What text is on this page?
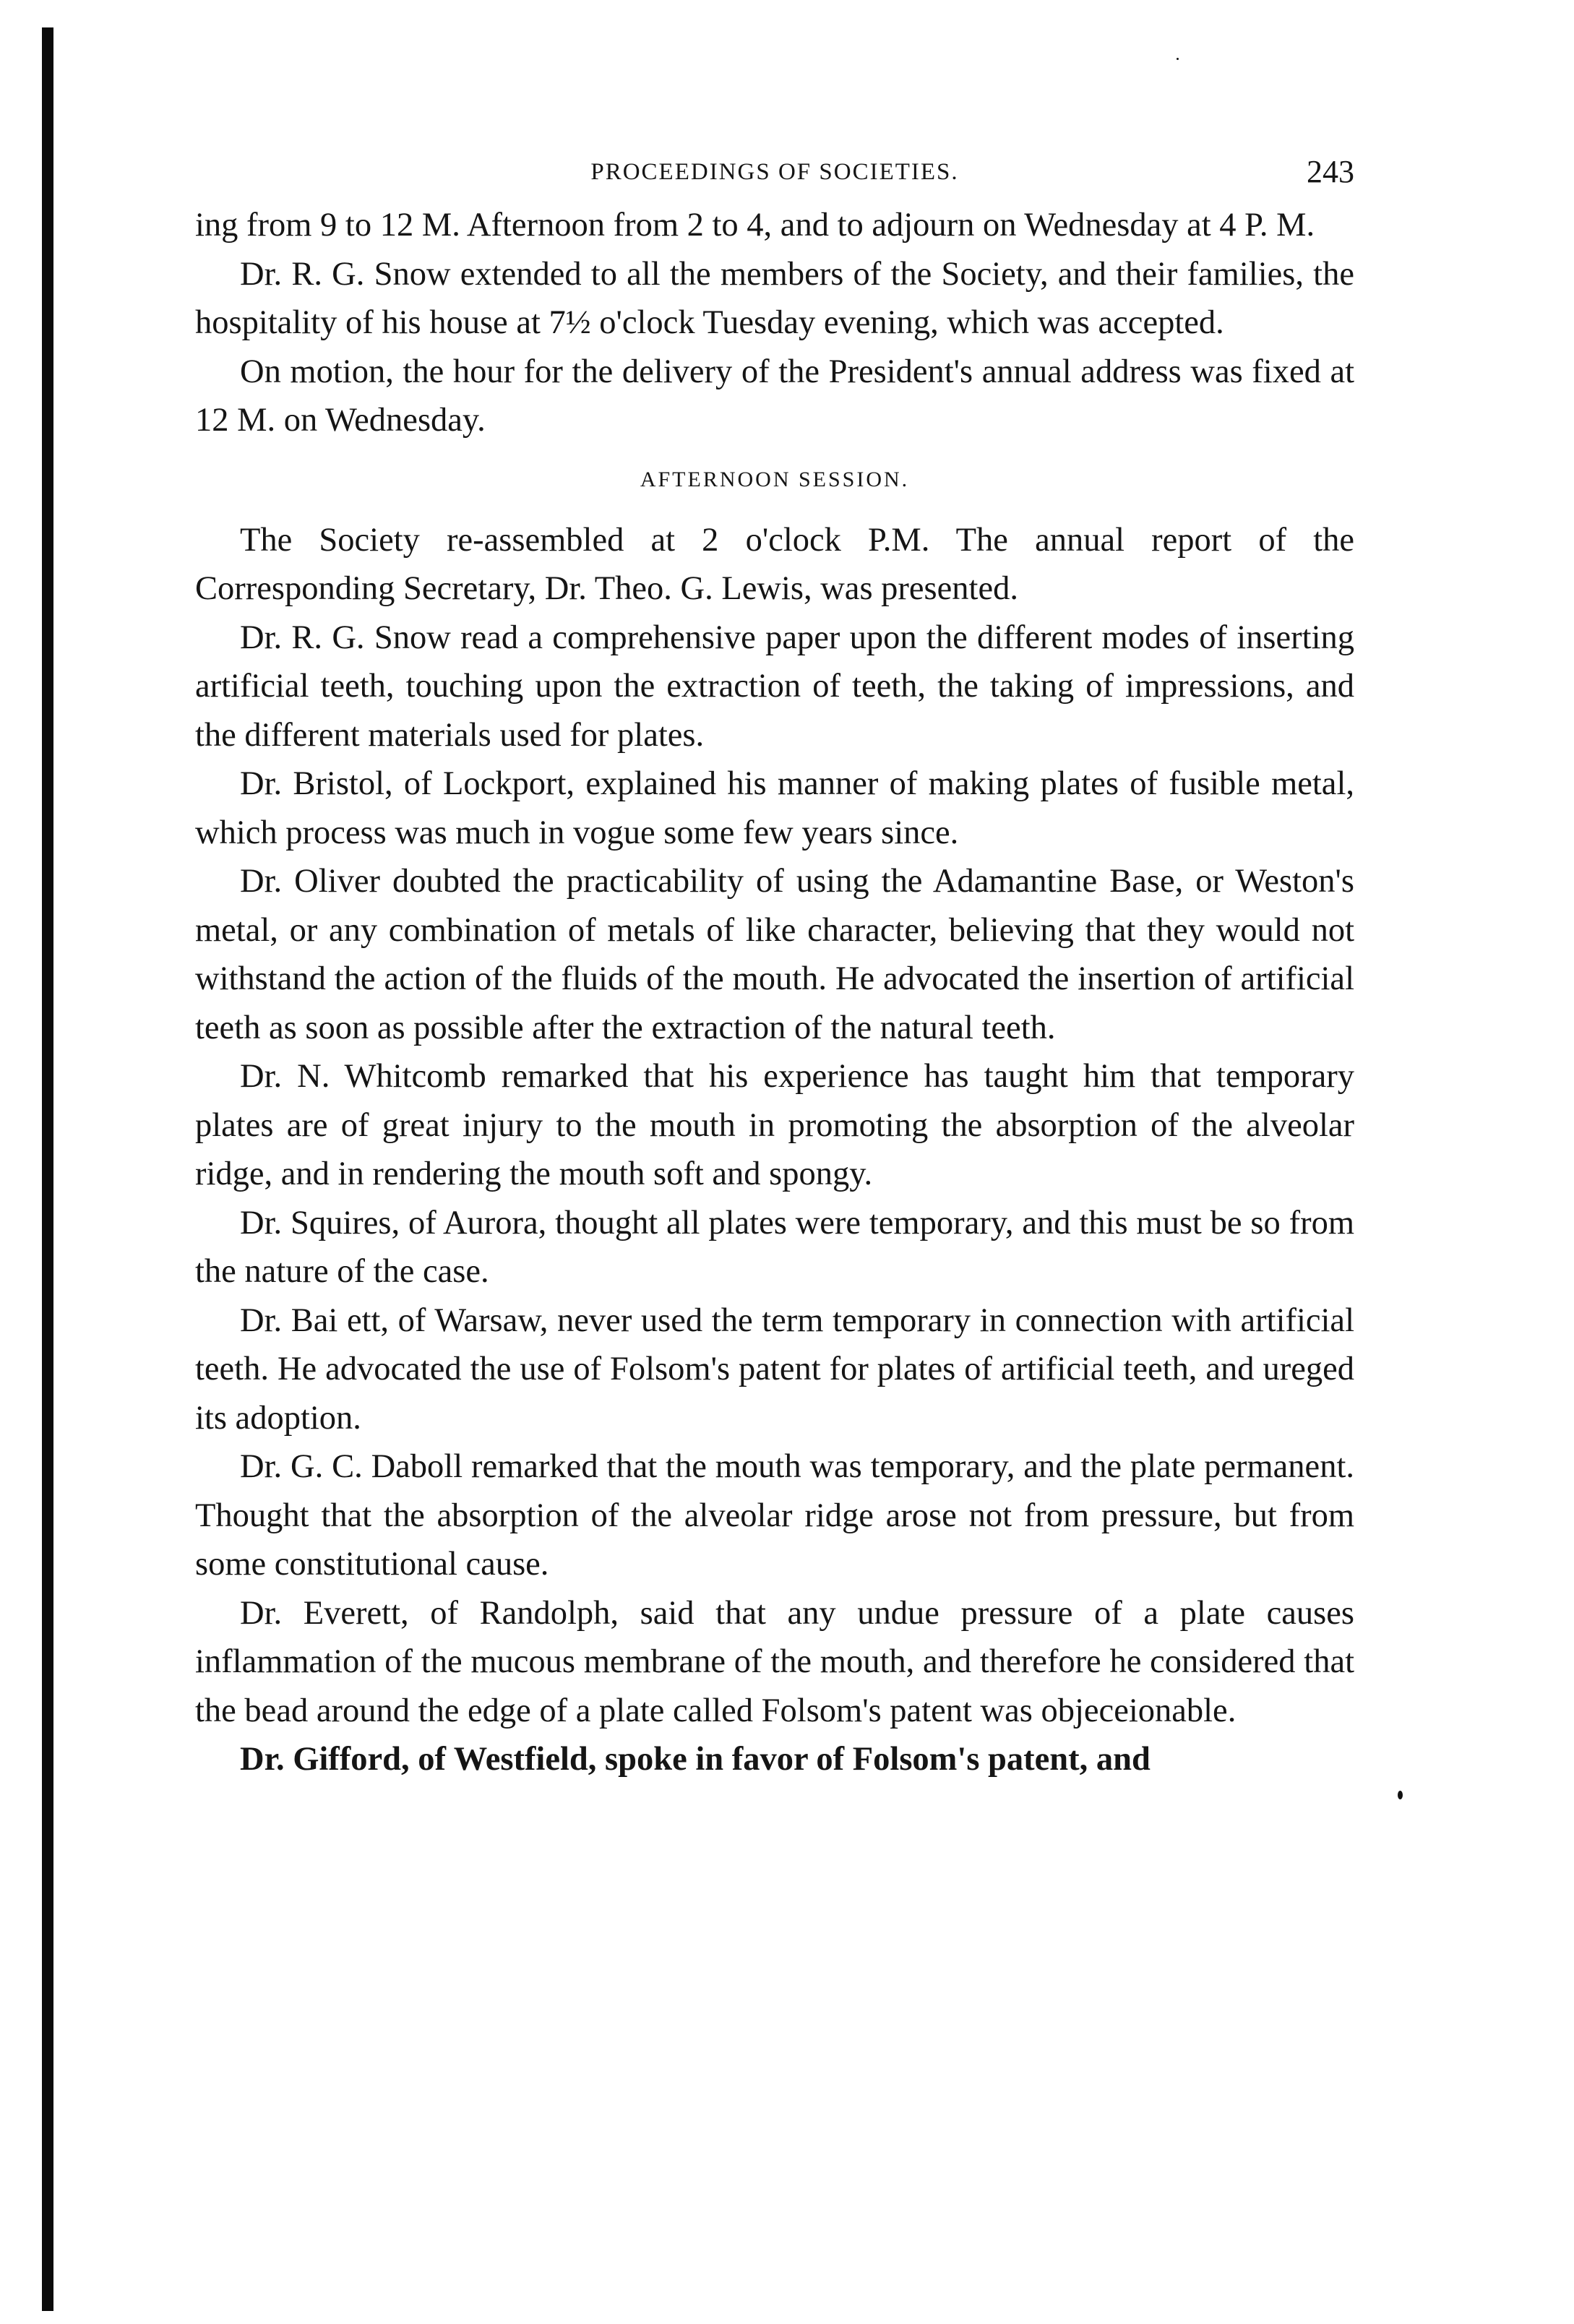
PROCEEDINGS OF SOCIETIES.	243

ing from 9 to 12 M. Afternoon from 2 to 4, and to adjourn on Wednesday at 4 P. M.

Dr. R. G. Snow extended to all the members of the Society, and their families, the hospitality of his house at 7½ o'clock Tuesday evening, which was accepted.

On motion, the hour for the delivery of the President's annual address was fixed at 12 M. on Wednesday.

AFTERNOON SESSION.

The Society re-assembled at 2 o'clock P.M. The annual report of the Corresponding Secretary, Dr. Theo. G. Lewis, was presented.

Dr. R. G. Snow read a comprehensive paper upon the different modes of inserting artificial teeth, touching upon the extraction of teeth, the taking of impressions, and the different materials used for plates.

Dr. Bristol, of Lockport, explained his manner of making plates of fusible metal, which process was much in vogue some few years since.

Dr. Oliver doubted the practicability of using the Adamantine Base, or Weston's metal, or any combination of metals of like character, believing that they would not withstand the action of the fluids of the mouth. He advocated the insertion of artificial teeth as soon as possible after the extraction of the natural teeth.

Dr. N. Whitcomb remarked that his experience has taught him that temporary plates are of great injury to the mouth in promoting the absorption of the alveolar ridge, and in rendering the mouth soft and spongy.

Dr. Squires, of Aurora, thought all plates were temporary, and this must be so from the nature of the case.

Dr. Bai ett, of Warsaw, never used the term temporary in connection with artificial teeth. He advocated the use of Folsom's patent for plates of artificial teeth, and ureged its adoption.

Dr. G. C. Daboll remarked that the mouth was temporary, and the plate permanent. Thought that the absorption of the alveolar ridge arose not from pressure, but from some constitutional cause.

Dr. Everett, of Randolph, said that any undue pressure of a plate causes inflammation of the mucous membrane of the mouth, and therefore he considered that the bead around the edge of a plate called Folsom's patent was objeceionable.

Dr. Gifford, of Westfield, spoke in favor of Folsom's patent, and
